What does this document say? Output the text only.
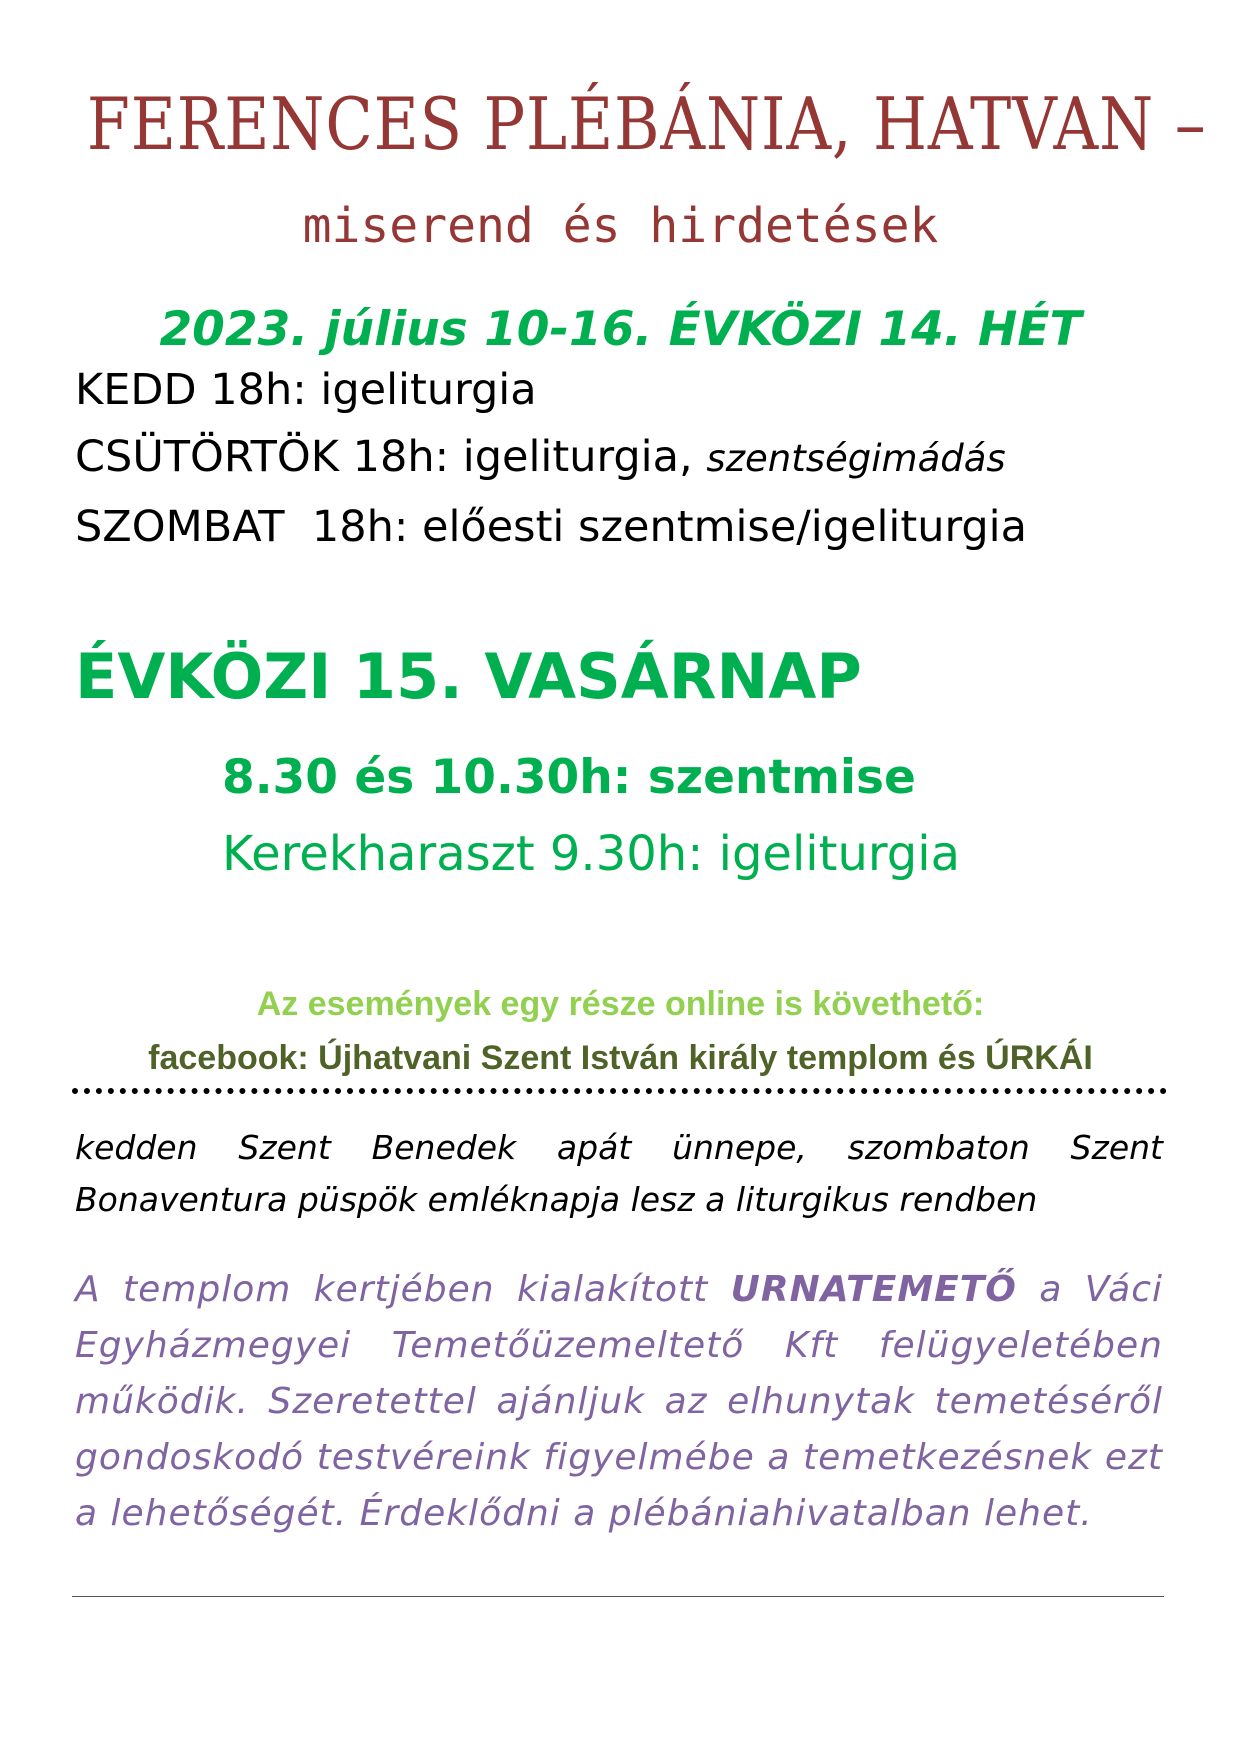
FERENCES PLÉBÁNIA, HATVAN –
miserend és hirdetések
2023. július 10-16. ÉVKÖZI 14. HÉT
KEDD 18h: igeliturgia
CSÜTÖRTÖK 18h: igeliturgia, szentségimádás
SZOMBAT  18h: előesti szentmise/igeliturgia
ÉVKÖZI 15. VASÁRNAP
8.30 és 10.30h: szentmise
Kerekharaszt 9.30h: igeliturgia
Az események egy része online is követhető:
facebook: Újhatvani Szent István király templom és ÚRKÁI
kedden Szent Benedek apát ünnepe, szombaton Szent Bonaventura püspök emléknapja lesz a liturgikus rendben
A templom kertjében kialakított URNATEMETŐ a Váci Egyházmegyei Temetőüzemeltető Kft felügyeletében működik. Szeretettel ajánljuk az elhunytak temetéséről gondoskodó testvéreink figyelmébe a temetkezésnek ezt a lehetőségét. Érdeklődni a plébániahivatalban lehet.
